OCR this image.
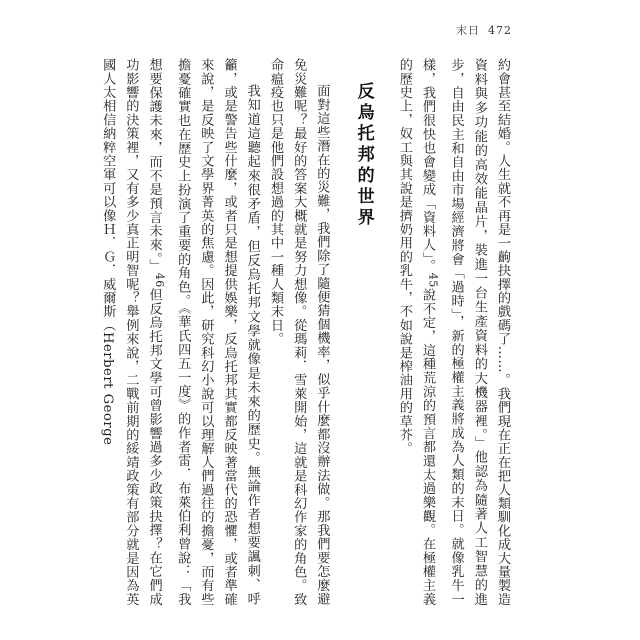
末日 472

約會甚至結婚。人生就不再是一齣抉擇的戲碼了……。我們現在正在把人類馴化成大量製造資料與多功能的高效能晶片，裝進一台生產資料的大機器裡。」他認為隨著人工智慧的進步，自由民主和自由市場經濟將會「過時」，新的極權主義將成為人類的末日。就像乳牛一樣，我們很快也會變成「資料人」。$^{45}$說不定，這種荒涼的預言都還太過樂觀。在極權主義的歷史上，奴工與其說是擠奶用的乳牛，不如說是榨油用的草芥。

反烏托邦的世界

面對這些潛在的災難，我們除了隨便猜個機率，似乎什麼都沒辦法做。那我們要怎麼避免災難呢？最好的答案大概就是努力想像。從瑪莉．雪萊開始，這就是科幻作家的角色。致命瘟疫也只是他們設想過的其中一種人類末日。

我知道這聽起來很矛盾，但反烏托邦文學就像是未來的歷史。無論作者想要諷刺、呼籲，或是警告些什麼，或者只是想提供娛樂，反烏托邦其實都反映著當代的恐懼，或者準確來說，是反映了文學界菁英的焦慮。因此，研究科幻小說可以理解人們過往的擔憂，而有些擔憂確實也在歷史上扮演了重要的角色。《華氏四五一度》的作者雷．布萊伯利曾說：「我想要保護未來，而不是預言未來。」$^{46}$但反烏托邦文學可曾影響過多少政策抉擇？在它們成功影響的決策裡，又有多少真正明智呢？舉例來說，二戰前期的綏靖政策有部分就是因為英國人太相信納粹空軍可以像Ｈ．Ｇ．威爾斯（Herbert George
